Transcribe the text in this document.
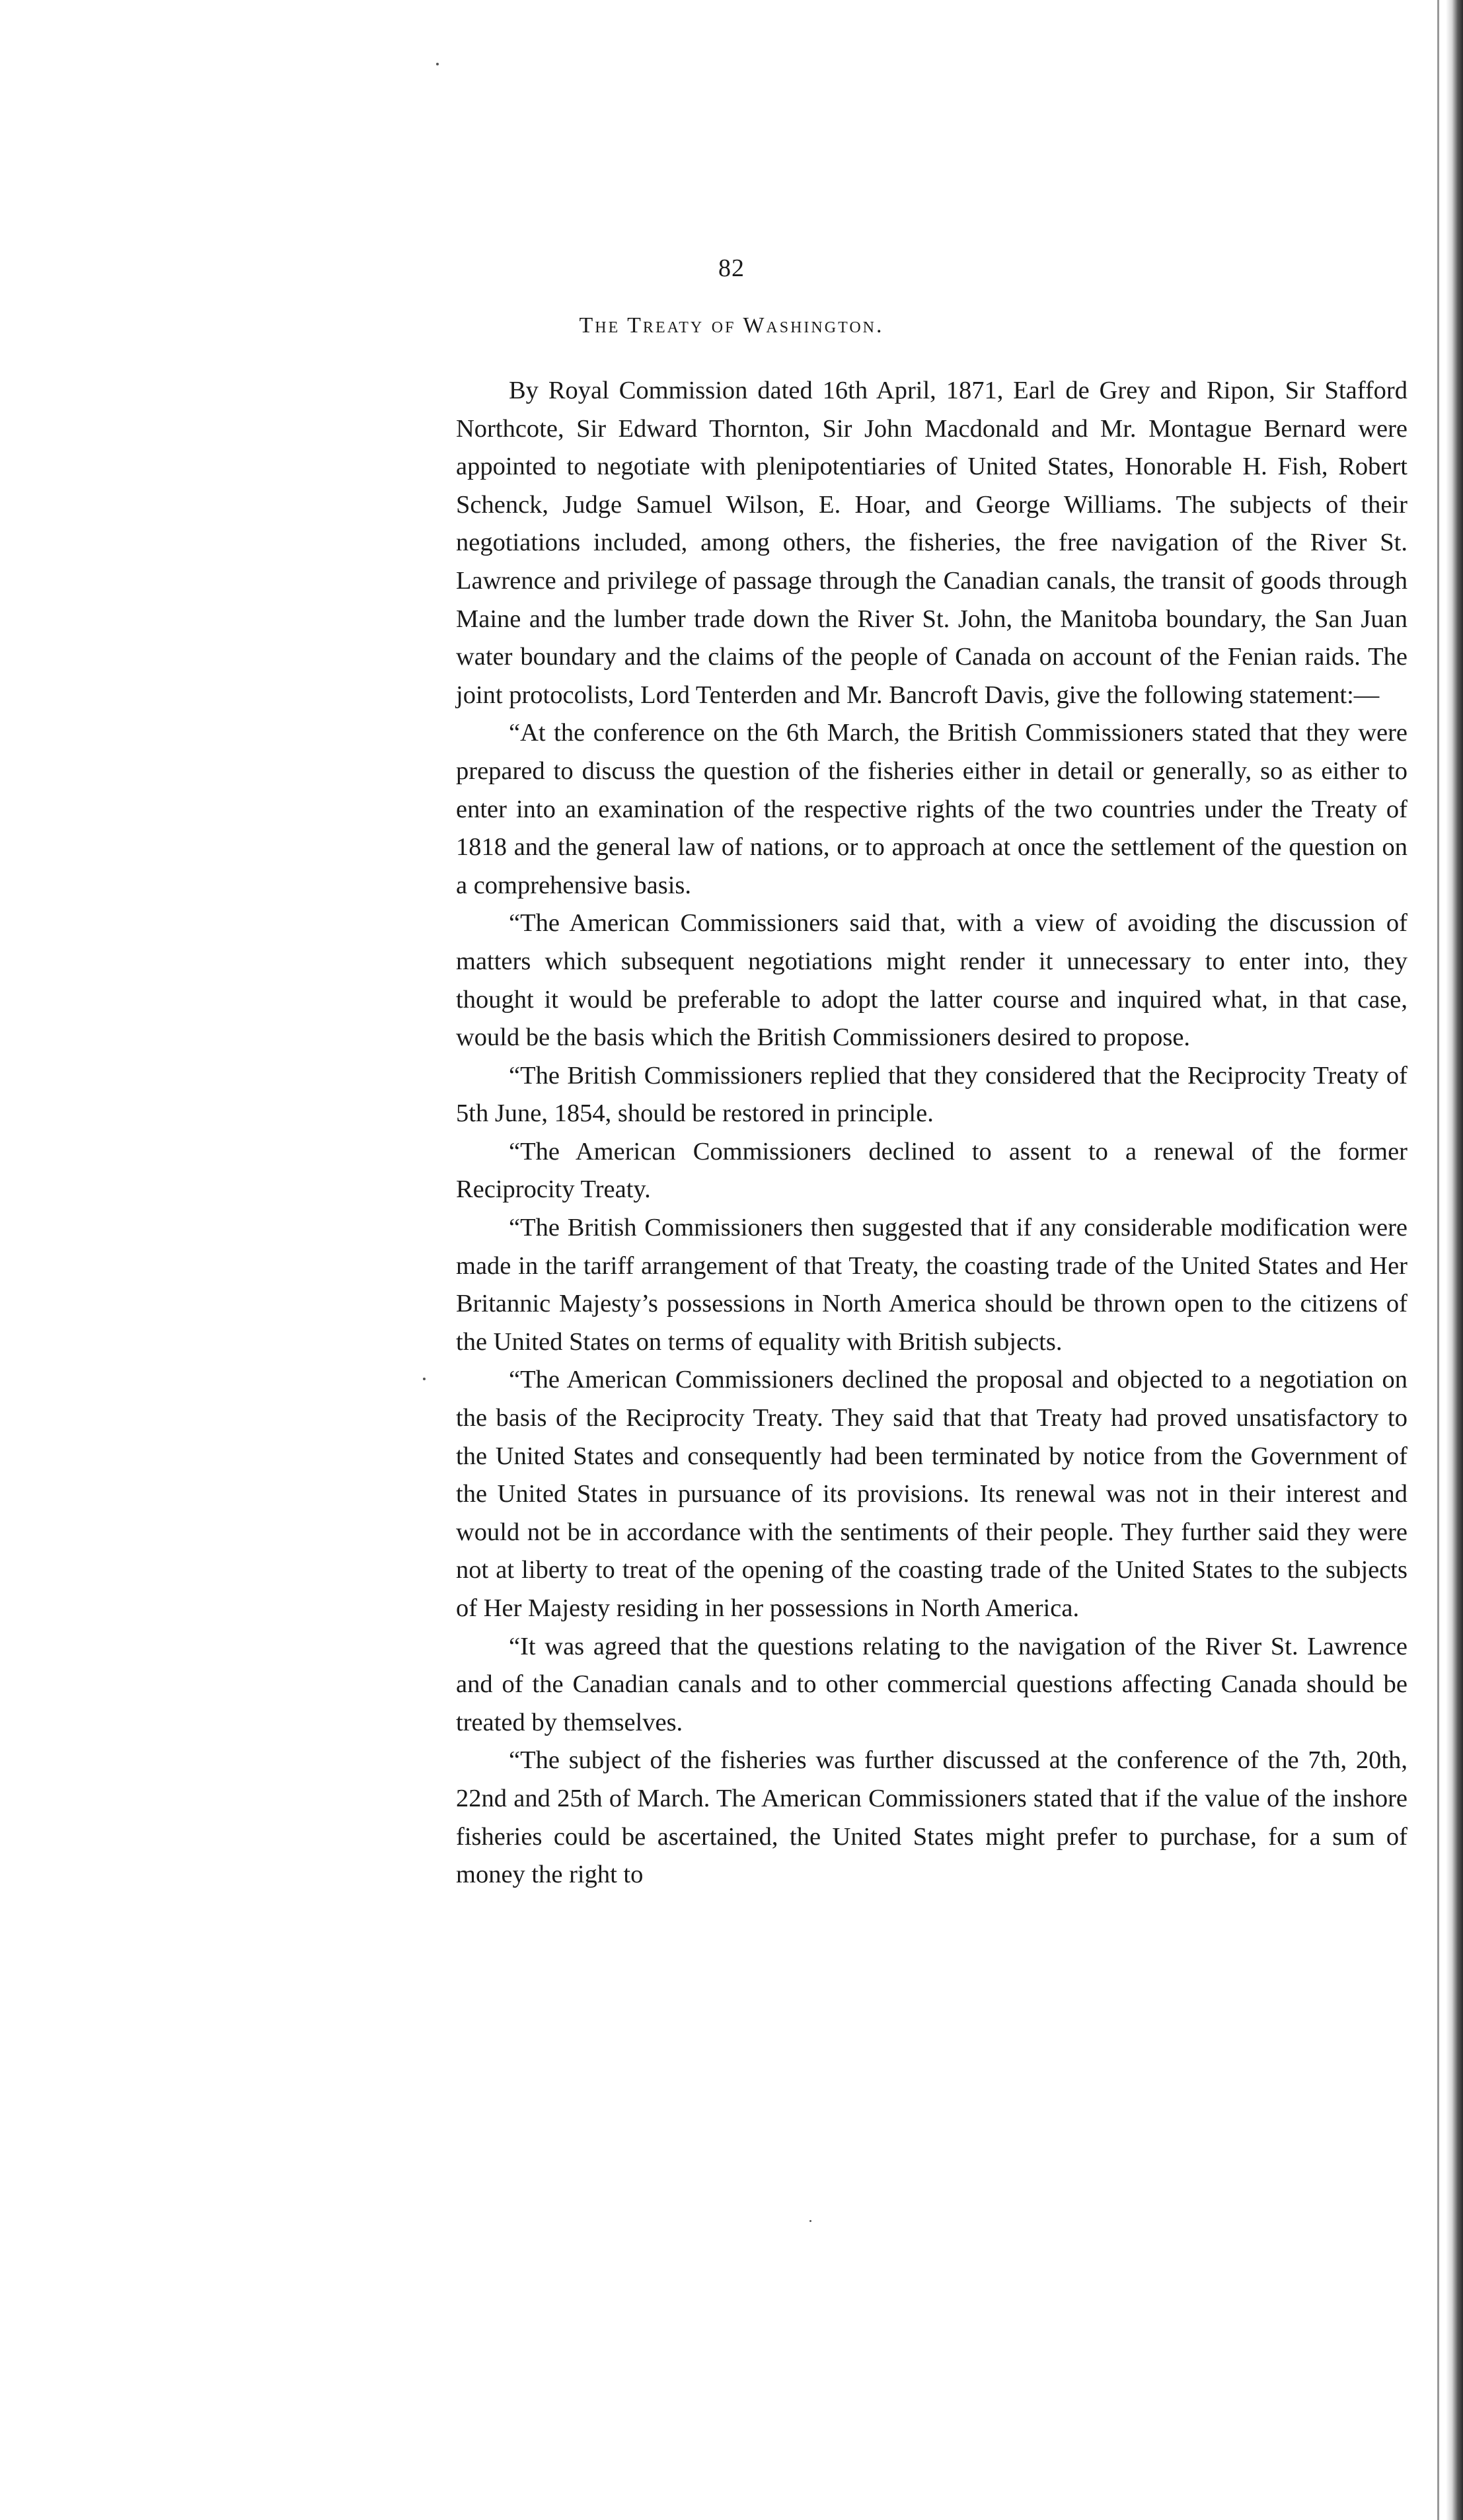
82
The Treaty of Washington.

By Royal Commission dated 16th April, 1871, Earl de Grey and Ripon, Sir Stafford Northcote, Sir Edward Thornton, Sir John Macdonald and Mr. Montague Bernard were appointed to negotiate with plenipotentiaries of United States, Honorable H. Fish, Robert Schenck, Judge Samuel Wilson, E. Hoar, and George Williams. The subjects of their negotiations included, among others, the fisheries, the free navigation of the River St. Lawrence and privilege of passage through the Canadian canals, the transit of goods through Maine and the lumber trade down the River St. John, the Manitoba boundary, the San Juan water boundary and the claims of the people of Canada on account of the Fenian raids. The joint protocolists, Lord Tenterden and Mr. Bancroft Davis, give the following statement:—

“At the conference on the 6th March, the British Commissioners stated that they were prepared to discuss the question of the fisheries either in detail or generally, so as either to enter into an examination of the respective rights of the two countries under the Treaty of 1818 and the general law of nations, or to approach at once the settlement of the question on a comprehensive basis.

“The American Commissioners said that, with a view of avoiding the discussion of matters which subsequent negotiations might render it unnecessary to enter into, they thought it would be preferable to adopt the latter course and inquired what, in that case, would be the basis which the British Commissioners desired to propose.

“The British Commissioners replied that they considered that the Reciprocity Treaty of 5th June, 1854, should be restored in principle.

“The American Commissioners declined to assent to a renewal of the former Reciprocity Treaty.

“The British Commissioners then suggested that if any considerable modification were made in the tariff arrangement of that Treaty, the coasting trade of the United States and Her Britannic Majesty’s possessions in North America should be thrown open to the citizens of the United States on terms of equality with British subjects.

“The American Commissioners declined the proposal and objected to a negotiation on the basis of the Reciprocity Treaty. They said that that Treaty had proved unsatisfactory to the United States and consequently had been terminated by notice from the Government of the United States in pursuance of its provisions. Its renewal was not in their interest and would not be in accordance with the sentiments of their people. They further said they were not at liberty to treat of the opening of the coasting trade of the United States to the subjects of Her Majesty residing in her possessions in North America.

“It was agreed that the questions relating to the navigation of the River St. Lawrence and of the Canadian canals and to other commercial questions affecting Canada should be treated by themselves.

“The subject of the fisheries was further discussed at the conference of the 7th, 20th, 22nd and 25th of March. The American Commissioners stated that if the value of the inshore fisheries could be ascertained, the United States might prefer to purchase, for a sum of money the right to
